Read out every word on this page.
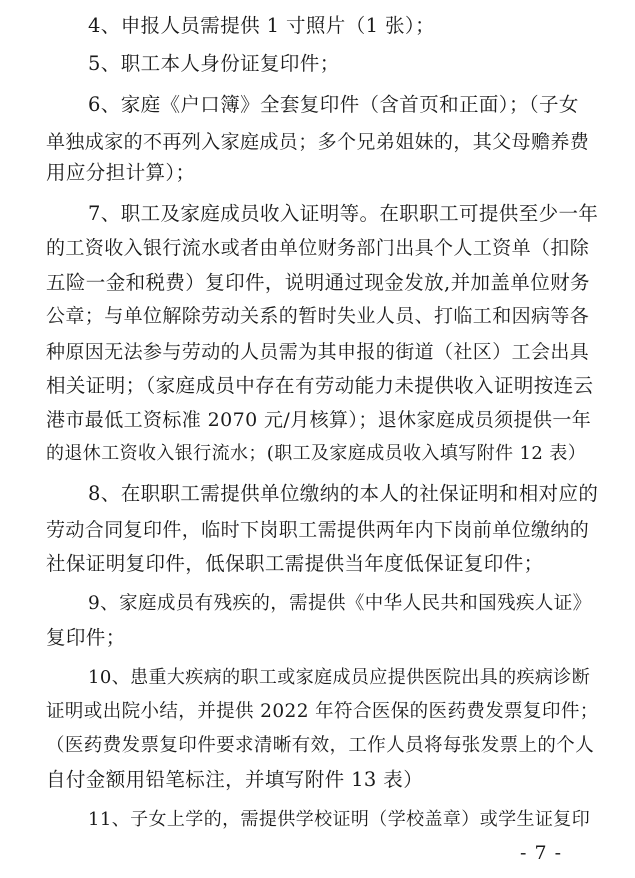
4、申报人员需提供 1 寸照片（1 张）；
5、职工本人身份证复印件；
6、家庭《户口簿》全套复印件（含首页和正面）；（子女
单独成家的不再列入家庭成员；多个兄弟姐妹的，其父母赡养费
用应分担计算）；
7、职工及家庭成员收入证明等。在职职工可提供至少一年
的工资收入银行流水或者由单位财务部门出具个人工资单（扣除
五险一金和税费）复印件，说明通过现金发放,并加盖单位财务
公章；与单位解除劳动关系的暂时失业人员、打临工和因病等各
种原因无法参与劳动的人员需为其申报的街道（社区）工会出具
相关证明；（家庭成员中存在有劳动能力未提供收入证明按连云
港市最低工资标准 2070 元/月核算）；退休家庭成员须提供一年
的退休工资收入银行流水；(职工及家庭成员收入填写附件 12 表）
8、在职职工需提供单位缴纳的本人的社保证明和相对应的
劳动合同复印件，临时下岗职工需提供两年内下岗前单位缴纳的
社保证明复印件，低保职工需提供当年度低保证复印件；
9、家庭成员有残疾的，需提供《中华人民共和国残疾人证》
复印件；
10、患重大疾病的职工或家庭成员应提供医院出具的疾病诊断
证明或出院小结，并提供 2022 年符合医保的医药费发票复印件；
（医药费发票复印件要求清晰有效，工作人员将每张发票上的个人
自付金额用铅笔标注，并填写附件 13 表）
11、子女上学的，需提供学校证明（学校盖章）或学生证复印
- 7 -
